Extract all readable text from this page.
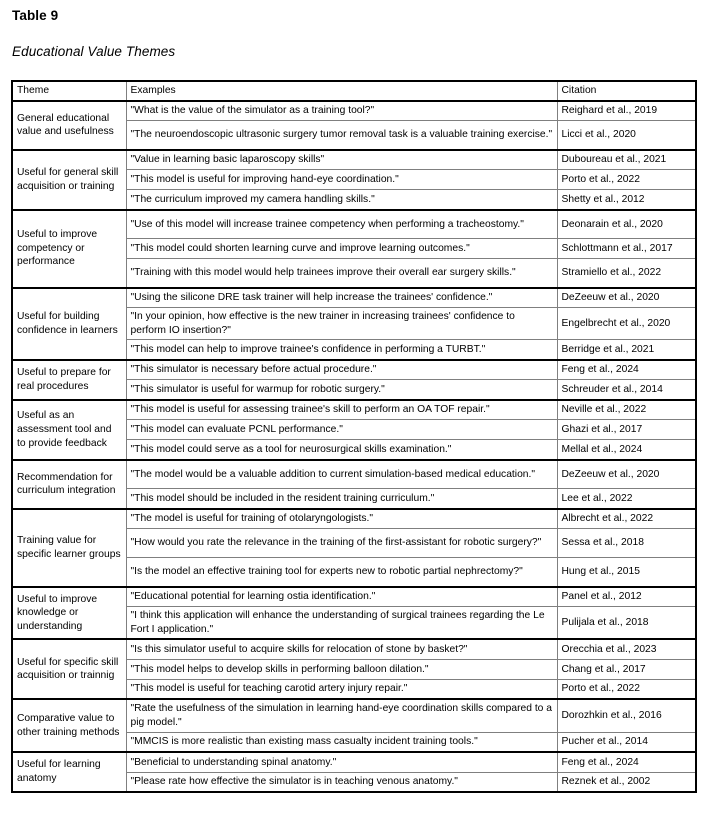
Table 9
Educational Value Themes
Theme	Examples	Citation
General educational value and usefulness	"What is the value of the simulator as a training tool?"	Reighard et al., 2019
	"The neuroendoscopic ultrasonic surgery tumor removal task is a valuable training exercise."	Licci et al., 2020
Useful for general skill acquisition or training	"Value in learning basic laparoscopy skills"	Duboureau et al., 2021
	"This model is useful for improving hand-eye coordination."	Porto et al., 2022
	"The curriculum improved my camera handling skills."	Shetty et al., 2012
Useful to improve competency or performance	"Use of this model will increase trainee competency when performing a tracheostomy."	Deonarain et al., 2020
	"This model could shorten learning curve and improve learning outcomes."	Schlottmann et al., 2017
	"Training with this model would help trainees improve their overall ear surgery skills."	Stramiello et al., 2022
Useful for building confidence in learners	"Using the silicone DRE task trainer will help increase the trainees' confidence."	DeZeeuw et al., 2020
	"In your opinion, how effective is the new trainer in increasing trainees' confidence to perform IO insertion?"	Engelbrecht et al., 2020
	"This model can help to improve trainee's confidence in performing a TURBT."	Berridge et al., 2021
Useful to prepare for real procedures	"This simulator is necessary before actual procedure."	Feng et al., 2024
	"This simulator is useful for warmup for robotic surgery."	Schreuder et al., 2014
Useful as an assessment tool and to provide feedback	"This model is useful for assessing trainee's skill to perform an OA TOF repair."	Neville et al., 2022
	"This model can evaluate PCNL performance."	Ghazi et al., 2017
	"This model could serve as a tool for neurosurgical skills examination."	Mellal et al., 2024
Recommendation for curriculum integration	"The model would be a valuable addition to current simulation-based medical education."	DeZeeuw et al., 2020
	"This model should be included in the resident training curriculum."	Lee et al., 2022
Training value for specific learner groups	"The model is useful for training of otolaryngologists."	Albrecht et al., 2022
	"How would you rate the relevance in the training of the first-assistant for robotic surgery?"	Sessa et al., 2018
	"Is the model an effective training tool for experts new to robotic partial nephrectomy?"	Hung et al., 2015
Useful to improve knowledge or understanding	"Educational potential for learning ostia identification."	Panel et al., 2012
	"I think this application will enhance the understanding of surgical trainees regarding the Le Fort I application."	Pulijala et al., 2018
Useful for specific skill acquisition or trainnig	"Is this simulator useful to acquire skills for relocation of stone by basket?"	Orecchia et al., 2023
	"This model helps to develop skills in performing balloon dilation."	Chang et al., 2017
	"This model is useful for teaching carotid artery injury repair."	Porto et al., 2022
Comparative value to other training methods	"Rate the usefulness of the simulation in learning hand-eye coordination skills compared to a pig model."	Dorozhkin et al., 2016
	"MMCIS is more realistic than existing mass casualty incident training tools."	Pucher et al., 2014
Useful for learning anatomy	"Beneficial to understanding spinal anatomy."	Feng et al., 2024
	"Please rate how effective the simulator is in teaching venous anatomy."	Reznek et al., 2002
